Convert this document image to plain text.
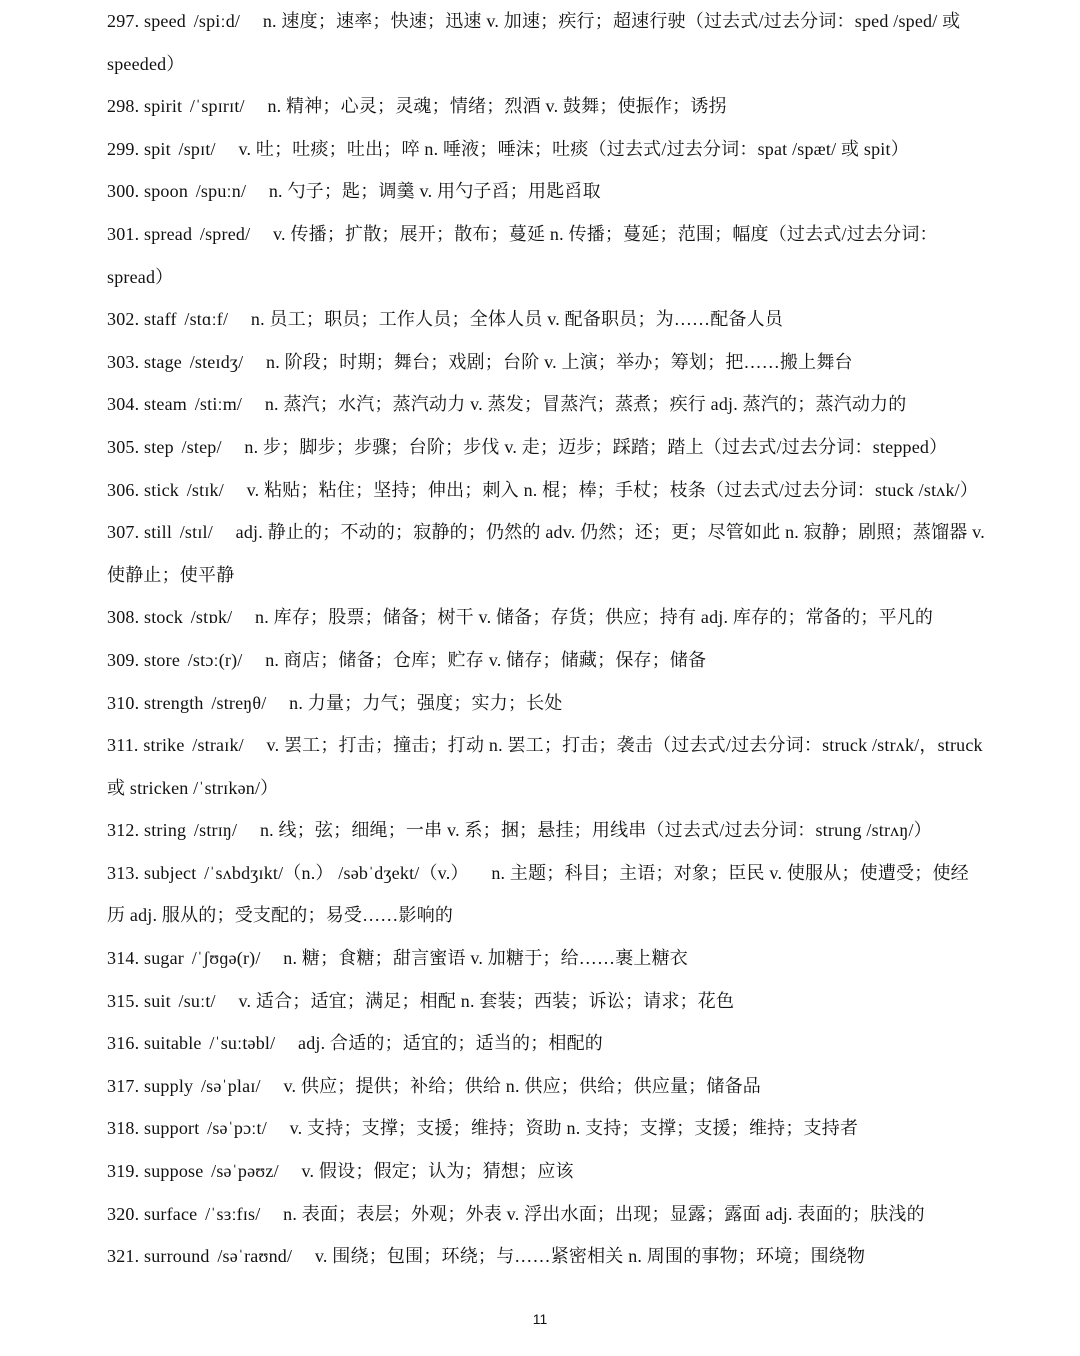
297. speed /spiːd/ n. 速度；速率；快速；迅速 v. 加速；疾行；超速行驶（过去式/过去分词：sped /sped/ 或 speeded）
298. spirit /ˈspɪrɪt/ n. 精神；心灵；灵魂；情绪；烈酒 v. 鼓舞；使振作；诱拐
299. spit /spɪt/ v. 吐；吐痰；吐出；啐 n. 唾液；唾沫；吐痰（过去式/过去分词：spat /spæt/ 或 spit）
300. spoon /spuːn/ n. 勺子；匙；调羹 v. 用勺子舀；用匙舀取
301. spread /spred/ v. 传播；扩散；展开；散布；蔓延 n. 传播；蔓延；范围；幅度（过去式/过去分词：spread）
302. staff /stɑːf/ n. 员工；职员；工作人员；全体人员 v. 配备职员；为……配备人员
303. stage /steɪdʒ/ n. 阶段；时期；舞台；戏剧；台阶 v. 上演；举办；筹划；把……搬上舞台
304. steam /stiːm/ n. 蒸汽；水汽；蒸汽动力 v. 蒸发；冒蒸汽；蒸煮；疾行 adj. 蒸汽的；蒸汽动力的
305. step /step/ n. 步；脚步；步骤；台阶；步伐 v. 走；迈步；踩踏；踏上（过去式/过去分词：stepped）
306. stick /stɪk/ v. 粘贴；粘住；坚持；伸出；刺入 n. 棍；棒；手杖；枝条（过去式/过去分词：stuck /stʌk/）
307. still /stɪl/ adj. 静止的；不动的；寂静的；仍然的 adv. 仍然；还；更；尽管如此 n. 寂静；剧照；蒸馏器 v. 使静止；使平静
308. stock /stɒk/ n. 库存；股票；储备；树干 v. 储备；存货；供应；持有 adj. 库存的；常备的；平凡的
309. store /stɔː(r)/ n. 商店；储备；仓库；贮存 v. 储存；储藏；保存；储备
310. strength /streŋθ/ n. 力量；力气；强度；实力；长处
311. strike /straɪk/ v. 罢工；打击；撞击；打动 n. 罢工；打击；袭击（过去式/过去分词：struck /strʌk/，struck 或 stricken /ˈstrɪkən/）
312. string /strɪŋ/ n. 线；弦；细绳；一串 v. 系；捆；悬挂；用线串（过去式/过去分词：strung /strʌŋ/）
313. subject /ˈsʌbdʒɪkt/（n.） /səbˈdʒekt/（v.） n. 主题；科目；主语；对象；臣民 v. 使服从；使遭受；使经历 adj. 服从的；受支配的；易受……影响的
314. sugar /ˈʃʊɡə(r)/ n. 糖；食糖；甜言蜜语 v. 加糖于；给……裹上糖衣
315. suit /suːt/ v. 适合；适宜；满足；相配 n. 套装；西装；诉讼；请求；花色
316. suitable /ˈsuːtəbl/ adj. 合适的；适宜的；适当的；相配的
317. supply /səˈplaɪ/ v. 供应；提供；补给；供给 n. 供应；供给；供应量；储备品
318. support /səˈpɔːt/ v. 支持；支撑；支援；维持；资助 n. 支持；支撑；支援；维持；支持者
319. suppose /səˈpəʊz/ v. 假设；假定；认为；猜想；应该
320. surface /ˈsɜːfɪs/ n. 表面；表层；外观；外表 v. 浮出水面；出现；显露；露面 adj. 表面的；肤浅的
321. surround /səˈraʊnd/ v. 围绕；包围；环绕；与……紧密相关 n. 周围的事物；环境；围绕物
11
